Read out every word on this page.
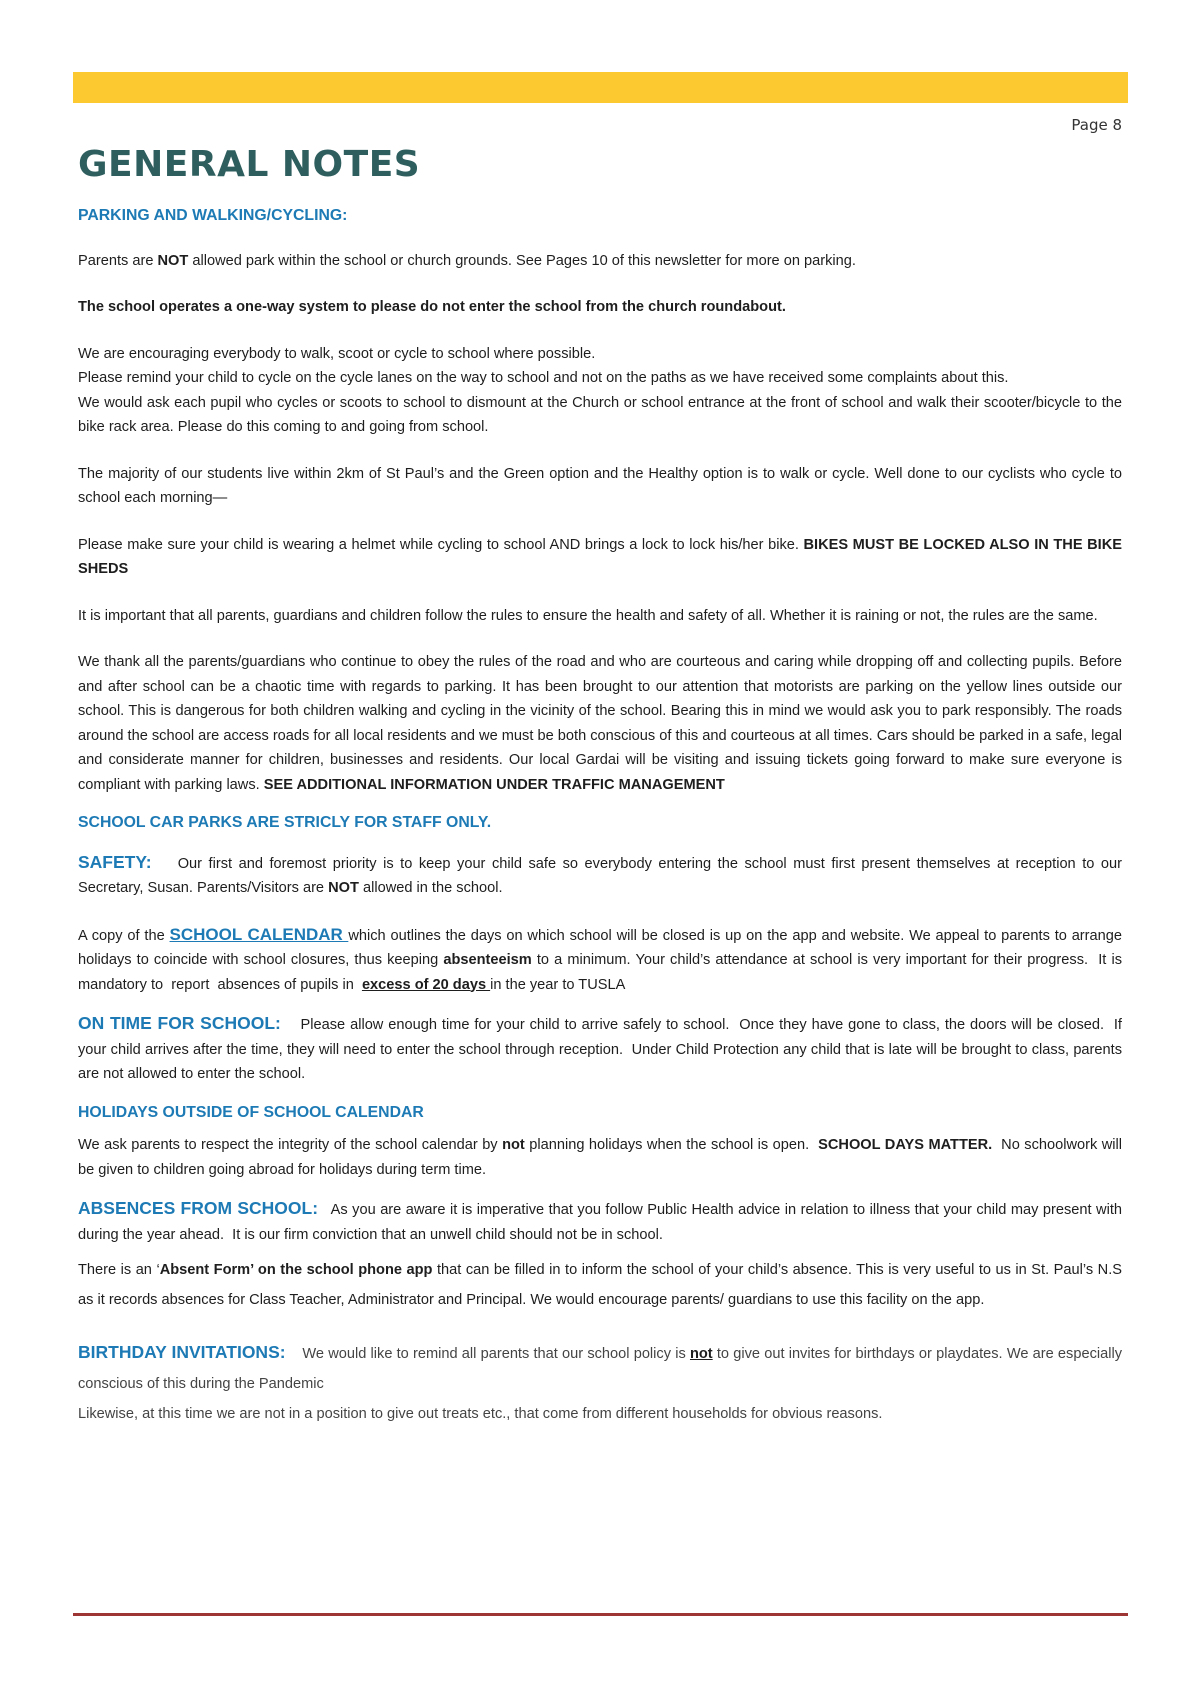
Page 8
GENERAL NOTES
PARKING AND WALKING/CYCLING:

Parents are NOT allowed park within the school or church grounds. See Pages 10 of this newsletter for more on parking.

The school operates a one-way system to please do not enter the school from the church roundabout.

We are encouraging everybody to walk, scoot or cycle to school where possible.
Please remind your child to cycle on the cycle lanes on the way to school and not on the paths as we have received some complaints about this.
We would ask each pupil who cycles or scoots to school to dismount at the Church or school entrance at the front of school and walk their scooter/bicycle to the bike rack area. Please do this coming to and going from school.

The majority of our students live within 2km of St Paul’s and the Green option and the Healthy option is to walk or cycle. Well done to our cyclists who cycle to school each morning—

Please make sure your child is wearing a helmet while cycling to school AND brings a lock to lock his/her bike. BIKES MUST BE LOCKED ALSO IN THE BIKE SHEDS

It is important that all parents, guardians and children follow the rules to ensure the health and safety of all. Whether it is raining or not, the rules are the same.

We thank all the parents/guardians who continue to obey the rules of the road and who are courteous and caring while dropping off and collecting pupils. Before and after school can be a chaotic time with regards to parking. It has been brought to our attention that motorists are parking on the yellow lines outside our school. This is dangerous for both children walking and cycling in the vicinity of the school. Bearing this in mind we would ask you to park responsibly. The roads around the school are access roads for all local residents and we must be both conscious of this and courteous at all times. Cars should be parked in a safe, legal and considerate manner for children, businesses and residents. Our local Gardai will be visiting and issuing tickets going forward to make sure everyone is compliant with parking laws. SEE ADDITIONAL INFORMATION UNDER TRAFFIC MANAGEMENT

SCHOOL CAR PARKS ARE STRICLY FOR STAFF ONLY.

SAFETY:    Our first and foremost priority is to keep your child safe so everybody entering the school must first present themselves at reception to our Secretary, Susan. Parents/Visitors are NOT allowed in the school.

A copy of the SCHOOL CALENDAR which outlines the days on which school will be closed is up on the app and website. We appeal to parents to arrange holidays to coincide with school closures, thus keeping absenteeism to a minimum. Your child’s attendance at school is very important for their progress.  It is  mandatory to  report  absences of pupils in  excess of 20 days in the year to TUSLA

ON TIME FOR SCHOOL:    Please allow enough time for your child to arrive safely to school.  Once they have gone to class, the doors will be closed.  If your child arrives after the time, they will need to enter the school through reception.  Under Child Protection any child that is late will be brought to class, parents are not allowed to enter the school.

HOLIDAYS OUTSIDE OF SCHOOL CALENDAR

We ask parents to respect the integrity of the school calendar by not planning holidays when the school is open.  SCHOOL DAYS MATTER.  No schoolwork will be given to children going abroad for holidays during term time.

ABSENCES FROM SCHOOL:   As you are aware it is imperative that you follow Public Health advice in relation to illness that your child may present with during the year ahead.  It is our firm conviction that an unwell child should not be in school.

There is an ‘Absent Form’ on the school phone app that can be filled in to inform the school of your child’s absence. This is very useful to us in St. Paul’s N.S as it records absences for Class Teacher, Administrator and Principal. We would encourage parents/ guardians to use this facility on the app.

BIRTHDAY INVITATIONS:    We would like to remind all parents that our school policy is not to give out invites for birthdays or playdates. We are especially conscious of this during the Pandemic
Likewise, at this time we are not in a position to give out treats etc., that come from different households for obvious reasons.
